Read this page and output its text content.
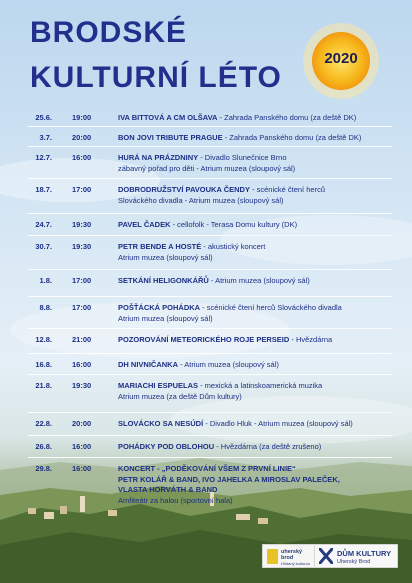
BRODSKÉ
KULTURNÍ LÉTO
2020
25.6.	19:00	IVA BITTOVÁ A CM OLŠAVA - Zahrada Panského domu (za deště DK)
3.7.	20:00	BON JOVI TRIBUTE PRAGUE - Zahrada Panského domu (za deště DK)
12.7.	16:00	HURÁ NA PRÁZDNINY - Divadlo Slunečnice Brno
zábavný pořad pro děti - Atrium muzea (sloupový sál)
18.7.	17:00	DOBRODRUŽSTVÍ PAVOUKA ČENDY - scénické čtení herců
Slováckého divadla - Atrium muzea (sloupový sál)
24.7.	19:30	PAVEL ČADEK - cellofolk - Terasa Domu kultury (DK)
30.7.	19:30	PETR BENDE A HOSTÉ - akustický koncert
Atrium muzea (sloupový sál)
1.8.	17:00	SETKÁNÍ HELIGONKÁŘŮ - Atrium muzea (sloupový sál)
8.8.	17:00	POŠŤÁCKÁ POHÁDKA - scénické čtení herců Slováckého divadla
Atrium muzea (sloupový sál)
12.8.	21:00	POZOROVÁNÍ METEORICKÉHO ROJE PERSEID - Hvězdárna
16.8.	16:00	DH NIVNIČANKA - Atrium muzea (sloupový sál)
21.8.	19:30	MARIACHI ESPUELAS - mexická a latinskoamerická muzika
Atrium muzea (za deště Dům kultury)
22.8.	20:00	SLOVÁCKO SA NESÚDÍ - Divadlo Hluk - Atrium muzea (sloupový sál)
26.8.	16:00	POHÁDKY POD OBLOHOU - Hvězdárna (za deště zrušeno)
29.8.	16:00	KONCERT - „PODĚKOVÁNÍ VŠEM Z PRVNÍ LINIE“
PETR KOLÁŘ & BAND, IVO JAHELKA A MIROSLAV PALEČEK,
VLASTA HORVÁTH & BAND
Amfiteátr za halou (sportovní hala)
uherský
brod
Hlídaný kulturou
DŮM KULTURY
Uherský Brod
